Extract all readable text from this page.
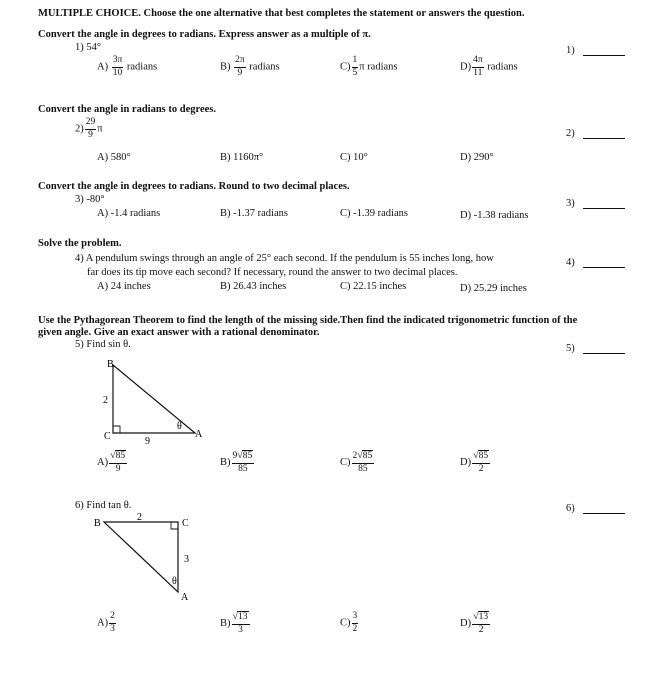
MULTIPLE CHOICE. Choose the one alternative that best completes the statement or answers the question.
Convert the angle in degrees to radians. Express answer as a multiple of π.
1) 54°	1)
$A) \frac{3\pi}{10}$ radians	$B) \frac{2\pi}{9}$ radians	$C) \frac{1}{5}$ π radians	$D) \frac{4\pi}{11}$ radians
Convert the angle in radians to degrees.
$2) \frac{29}{9}$ π	2)
A) 580°	B) 1160π°	C) 10°	D) 290°
Convert the angle in degrees to radians. Round to two decimal places.
3) -80°	3)
A) -1.4 radians	B) -1.37 radians	C) -1.39 radians	D) -1.38 radians
Solve the problem.
4) A pendulum swings through an angle of 25° each second. If the pendulum is 55 inches long, how
far does its tip move each second? If necessary, round the answer to two decimal places.
4)
A) 24 inches	B) 26.43 inches	C) 22.15 inches	D) 25.29 inches
Use the Pythagorean Theorem to find the length of the missing side.Then find the indicated trigonometric function of the
given angle. Give an exact answer with a rational denominator.
5) Find sin θ.	5)
B
C	A
2
9
θ
$A) \frac{√85}{9}$	$B) \frac{9√85}{85}$	$C) \frac{2√85}{85}$	$D) \frac{√85}{2}$
6) Find tan θ.	6)
B	C
A
2
3
θ
$A) \frac{2}{3}$	$B) \frac{√13}{3}$	$C) \frac{3}{2}$	$D) \frac{√13}{2}$
